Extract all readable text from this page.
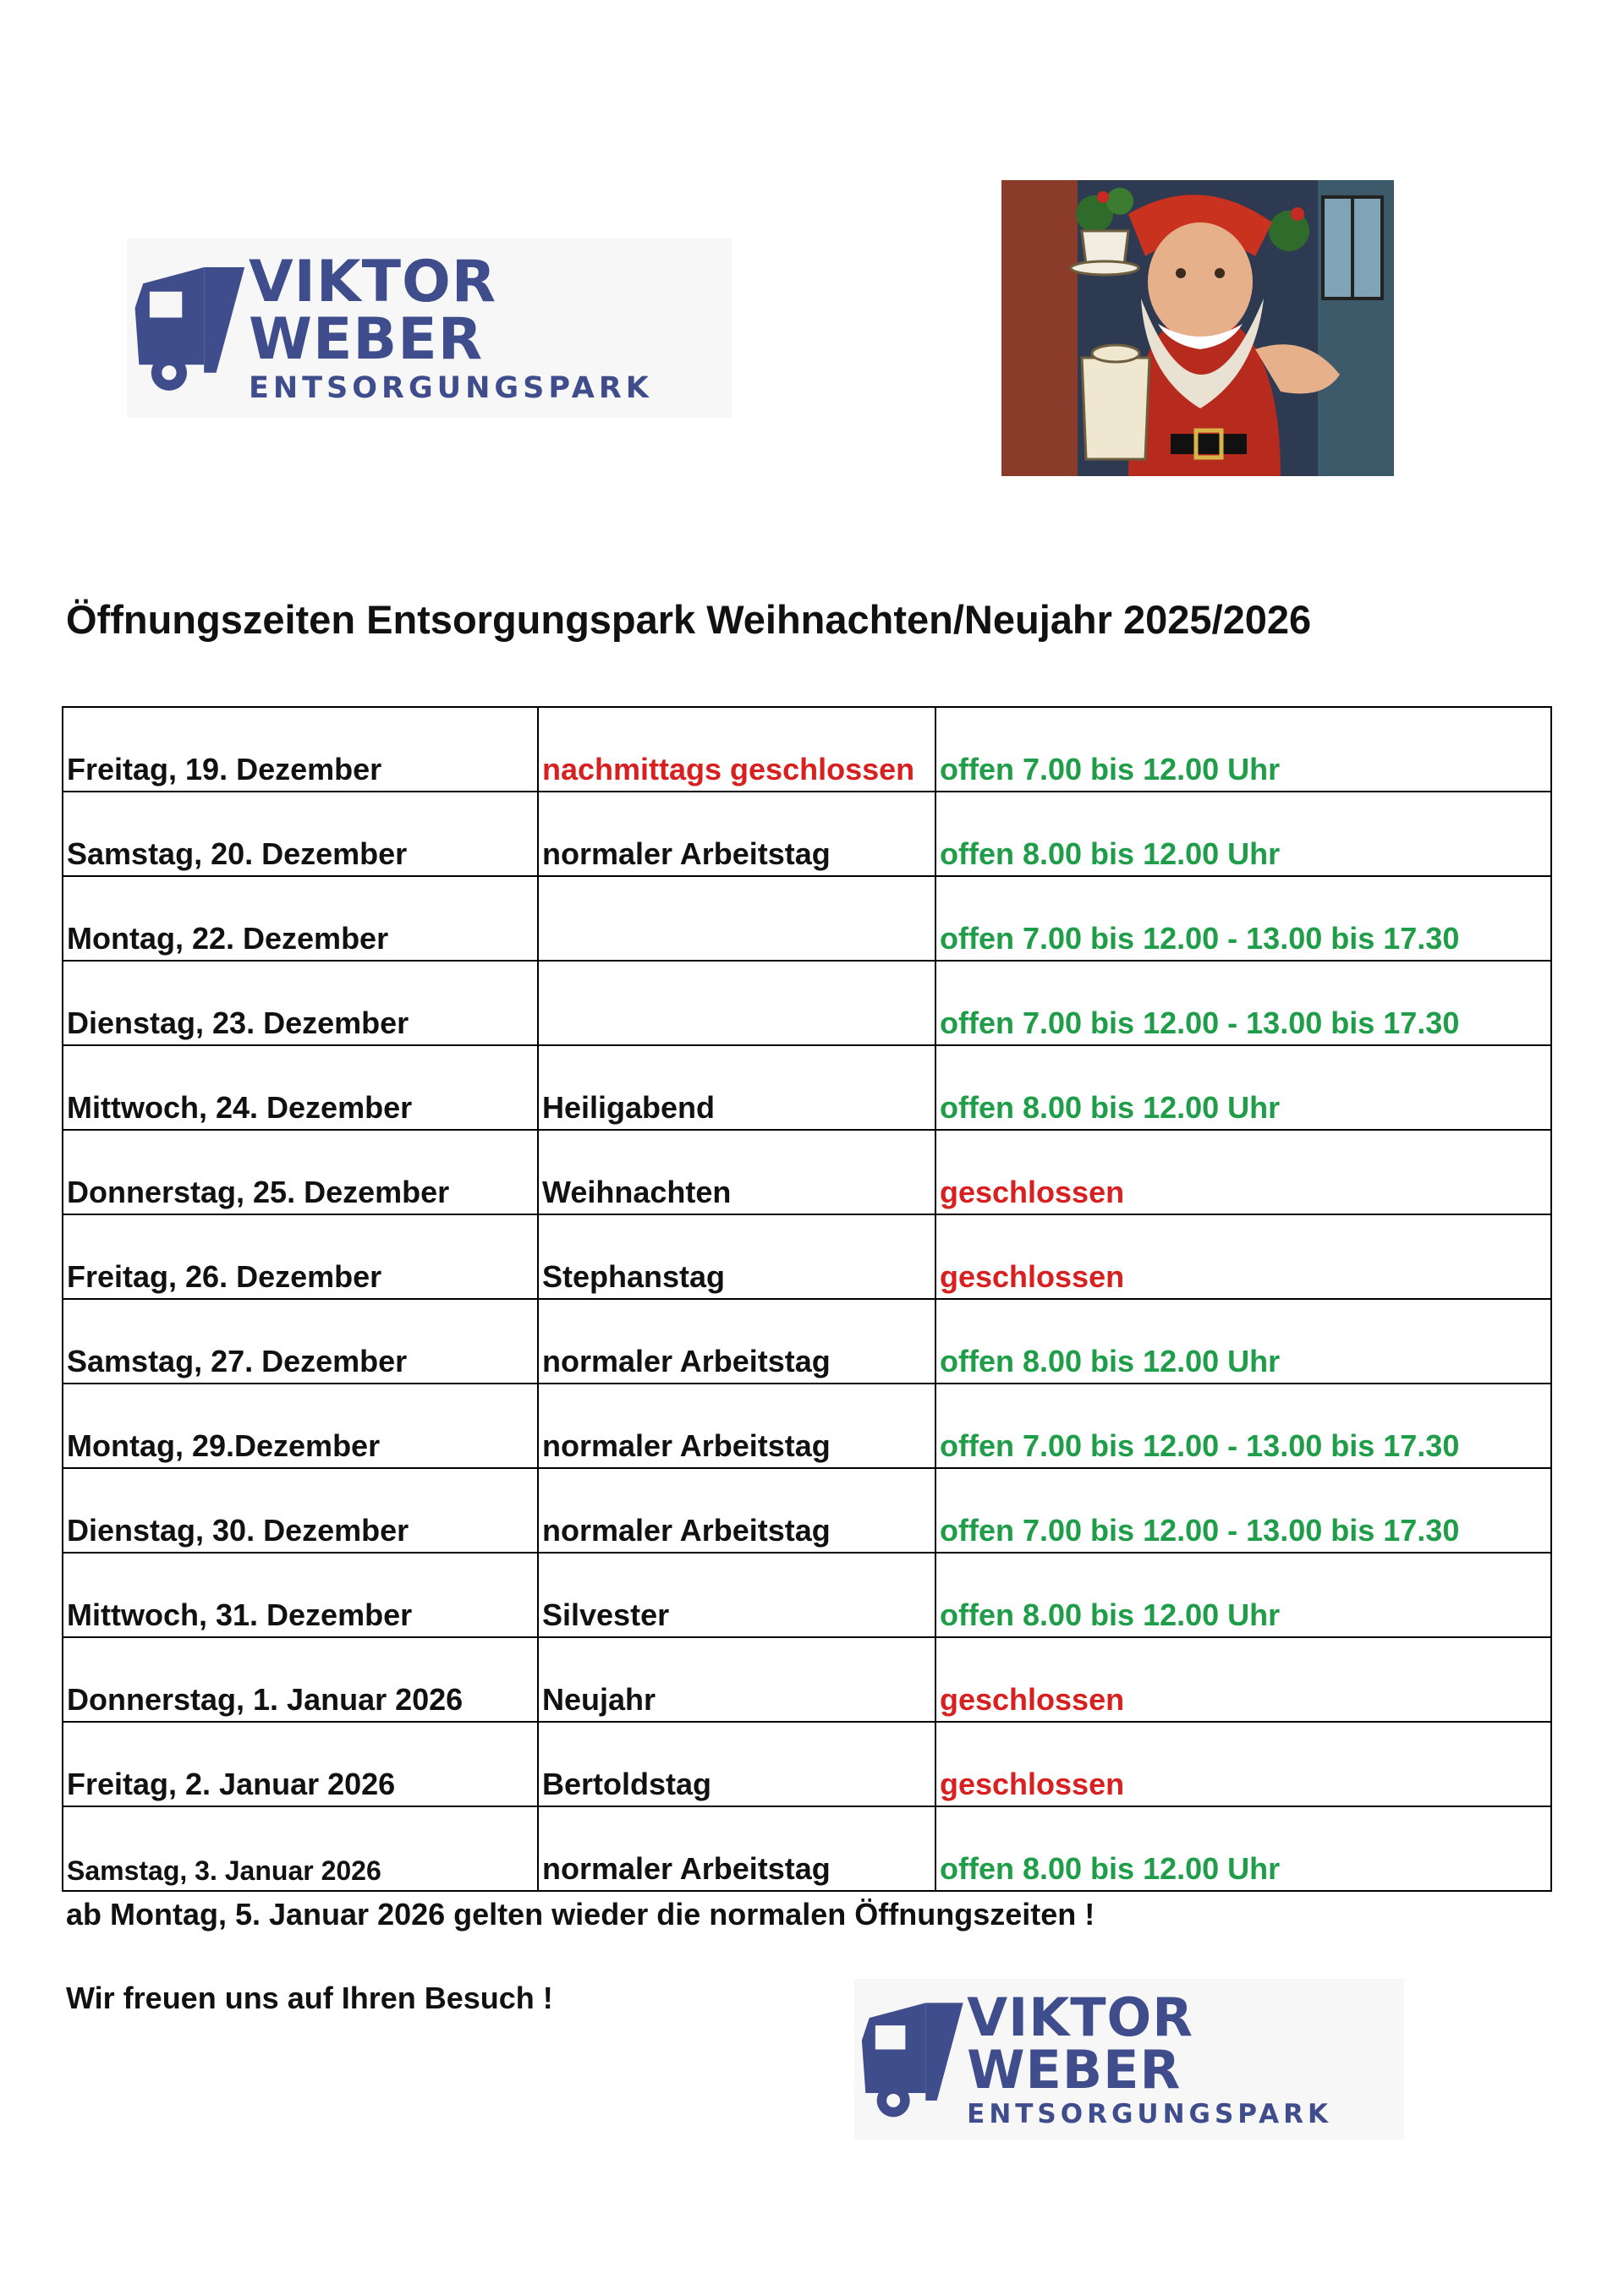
VIKTOR WEBER
ENTSORGUNGSPARK
Öffnungszeiten Entsorgungspark Weihnachten/Neujahr 2025/2026
Freitag, 19. Dezember	nachmittags geschlossen	offen 7.00 bis 12.00 Uhr
Samstag, 20. Dezember	normaler Arbeitstag	offen 8.00 bis 12.00 Uhr
Montag, 22. Dezember		offen 7.00 bis 12.00 - 13.00 bis 17.30
Dienstag, 23. Dezember		offen 7.00 bis 12.00 - 13.00 bis 17.30
Mittwoch, 24. Dezember	Heiligabend	offen 8.00 bis 12.00 Uhr
Donnerstag, 25. Dezember	Weihnachten	geschlossen
Freitag, 26. Dezember	Stephanstag	geschlossen
Samstag, 27. Dezember	normaler Arbeitstag	offen 8.00 bis 12.00 Uhr
Montag, 29.Dezember	normaler Arbeitstag	offen 7.00 bis 12.00 - 13.00 bis 17.30
Dienstag, 30. Dezember	normaler Arbeitstag	offen 7.00 bis 12.00 - 13.00 bis 17.30
Mittwoch, 31. Dezember	Silvester	offen 8.00 bis 12.00 Uhr
Donnerstag, 1. Januar 2026	Neujahr	geschlossen
Freitag, 2. Januar 2026	Bertoldstag	geschlossen
Samstag, 3. Januar 2026	normaler Arbeitstag	offen 8.00 bis 12.00 Uhr

ab Montag, 5. Januar 2026 gelten wieder die normalen Öffnungszeiten !

Wir freuen uns auf Ihren Besuch !	VIKTOR WEBER
ENTSORGUNGSPARK
